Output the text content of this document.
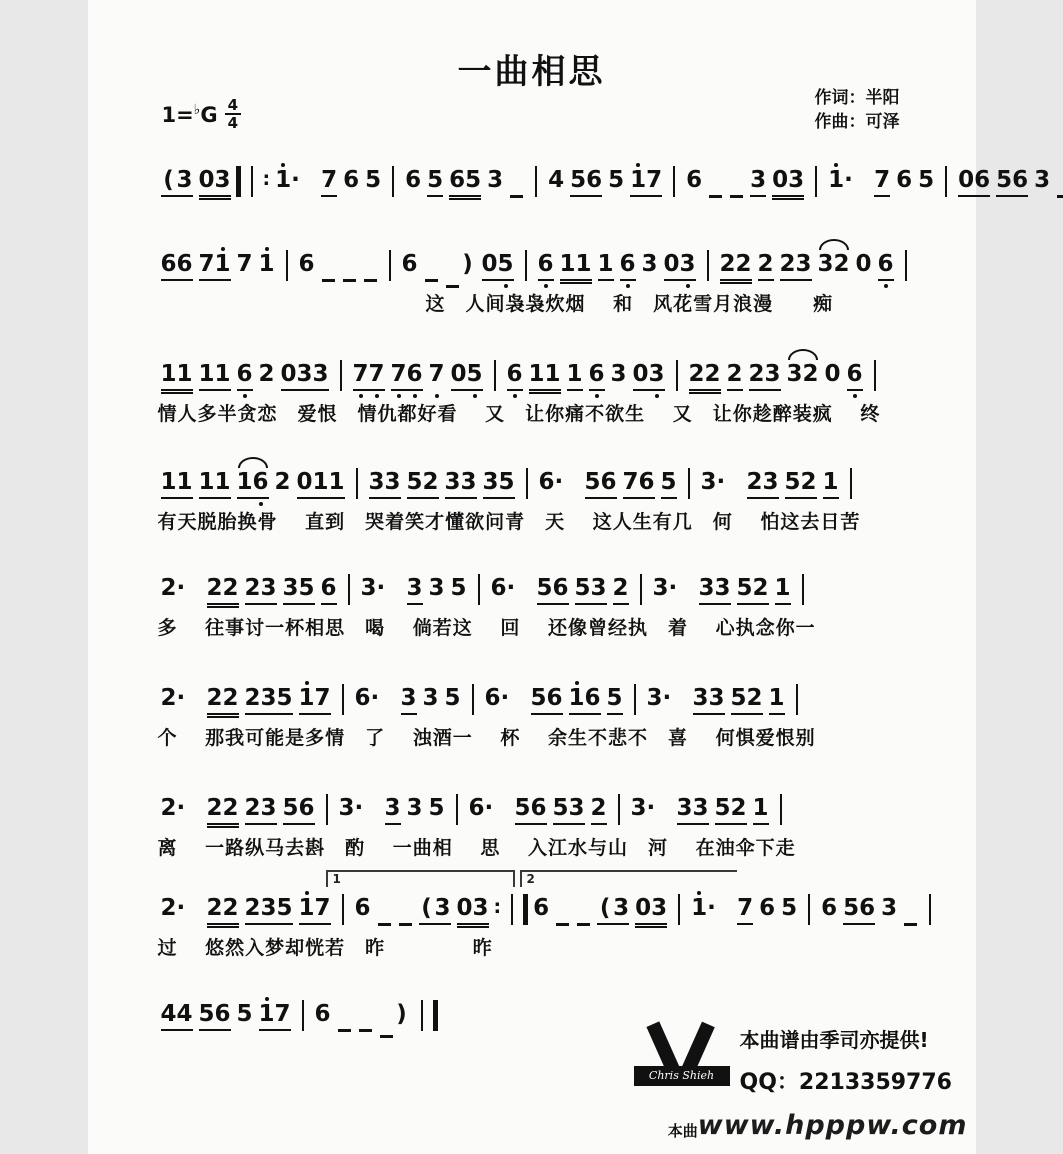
一曲相思
作词：半阳
作曲：可泽
$1=^♭G \frac{4}{4}$
( 3 03 : 1· 7 6 5 6 5 65 3 4 56 5 17 6 3 03 1· 7 6 5 06 56 3
66 71 7 1 6	6 ) 05 6 11 1 6 3 03 22 2 23 32 0 6
这　人间袅袅炊烟　 和　风花雪月浪漫　　痴
11 11 6 2 033 77 76 7 05 6 11 1 6 3 03 22 2 23 32 0 6
情人多半贪恋　爱恨　情仇都好看　 又　让你痛不欲生　 又　让你趁醉装疯　 终
11 11 16 2 011 33 52 33 35 6· 56 76 5 3· 23 52 1
有天脱胎换骨　 直到　哭着笑才懂欲问青　天　 这人生有几　何　 怕这去日苦
2· 22 23 35 6 3· 3 3 5 6· 56 53 2 3· 33 52 1
多　 往事讨一杯相思　喝　 倘若这　 回　 还像曾经执　着　 心执念你一
2· 22 235 17 6· 3 3 5 6· 56 16 5 3· 33 52 1
个　 那我可能是多情　了　 浊酒一　 杯　 余生不悲不　喜　 何惧爱恨别
2· 22 23 56 3· 3 3 5 6· 56 53 2 3· 33 52 1
离　 一路纵马去斟　酌　 一曲相　 思　 入江水与山　河　 在油伞下走
1	2
2· 22 235 17 6 ( 3 03 : 6 ( 3 03 1· 7 6 5 6 56 3
过　 悠然入梦却恍若　昨　　　　 昨
44 56 5 17 6	)
Chris Shieh
本曲谱由季司亦提供!
QQ：2213359776
本曲www.hpppw.com
